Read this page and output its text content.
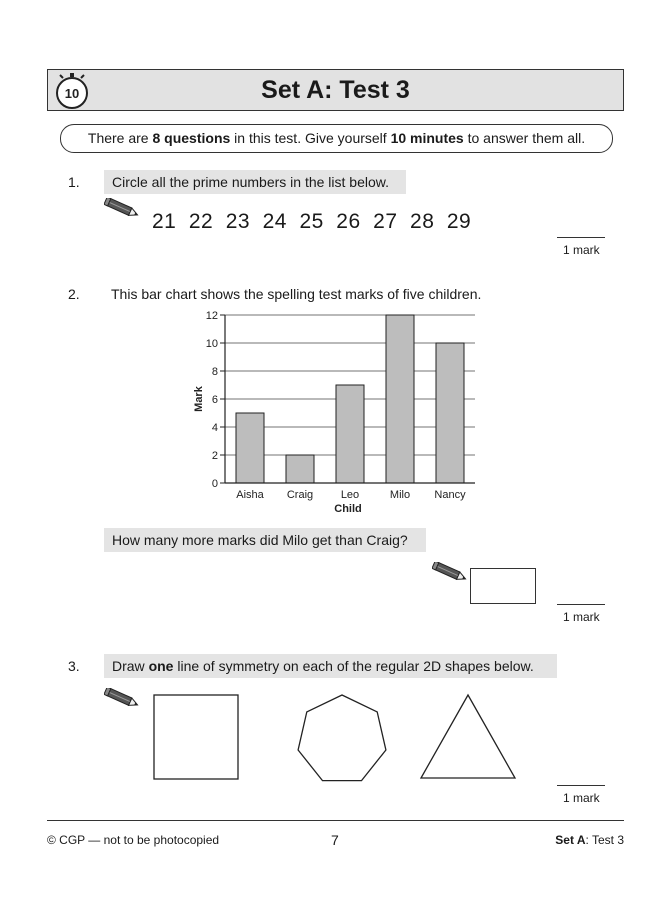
Set A: Test 3
10
There are 8 questions in this test. Give yourself 10 minutes to answer them all.
1.	Circle all the prime numbers in the list below.
21 22 23 24 25 26 27 28 29
1 mark
2. This bar chart shows the spelling test marks of five children.
0
2
4
6
8
10
12
Aisha Craig	Leo	Milo Nancy
Child
Mark
How many more marks did Milo get than Craig?
1 mark
3.	Draw one line of symmetry on each of the regular 2D shapes below.
1 mark
© CGP — not to be photocopied	7	Set A: Test 3
